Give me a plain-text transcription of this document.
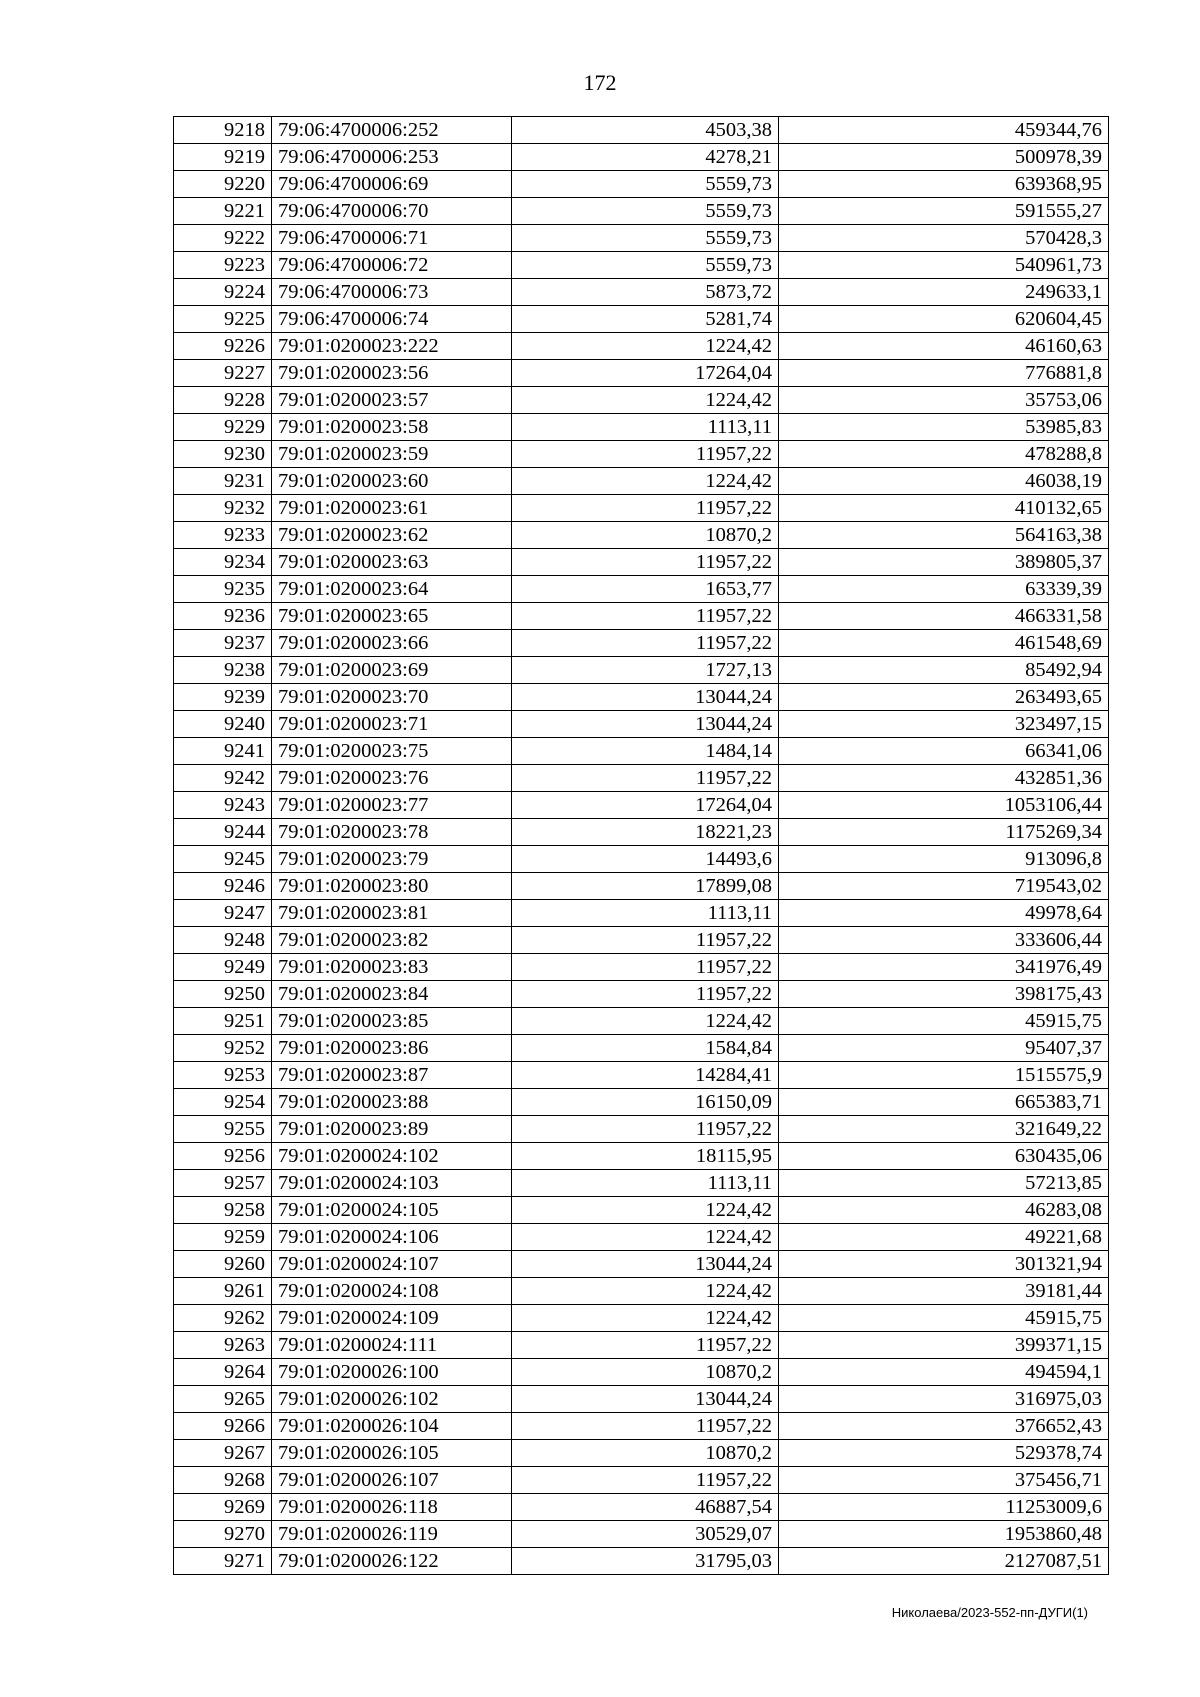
172
9218	79:06:4700006:252	4503,38	459344,76
9219	79:06:4700006:253	4278,21	500978,39
9220	79:06:4700006:69	5559,73	639368,95
9221	79:06:4700006:70	5559,73	591555,27
9222	79:06:4700006:71	5559,73	570428,3
9223	79:06:4700006:72	5559,73	540961,73
9224	79:06:4700006:73	5873,72	249633,1
9225	79:06:4700006:74	5281,74	620604,45
9226	79:01:0200023:222	1224,42	46160,63
9227	79:01:0200023:56	17264,04	776881,8
9228	79:01:0200023:57	1224,42	35753,06
9229	79:01:0200023:58	1113,11	53985,83
9230	79:01:0200023:59	11957,22	478288,8
9231	79:01:0200023:60	1224,42	46038,19
9232	79:01:0200023:61	11957,22	410132,65
9233	79:01:0200023:62	10870,2	564163,38
9234	79:01:0200023:63	11957,22	389805,37
9235	79:01:0200023:64	1653,77	63339,39
9236	79:01:0200023:65	11957,22	466331,58
9237	79:01:0200023:66	11957,22	461548,69
9238	79:01:0200023:69	1727,13	85492,94
9239	79:01:0200023:70	13044,24	263493,65
9240	79:01:0200023:71	13044,24	323497,15
9241	79:01:0200023:75	1484,14	66341,06
9242	79:01:0200023:76	11957,22	432851,36
9243	79:01:0200023:77	17264,04	1053106,44
9244	79:01:0200023:78	18221,23	1175269,34
9245	79:01:0200023:79	14493,6	913096,8
9246	79:01:0200023:80	17899,08	719543,02
9247	79:01:0200023:81	1113,11	49978,64
9248	79:01:0200023:82	11957,22	333606,44
9249	79:01:0200023:83	11957,22	341976,49
9250	79:01:0200023:84	11957,22	398175,43
9251	79:01:0200023:85	1224,42	45915,75
9252	79:01:0200023:86	1584,84	95407,37
9253	79:01:0200023:87	14284,41	1515575,9
9254	79:01:0200023:88	16150,09	665383,71
9255	79:01:0200023:89	11957,22	321649,22
9256	79:01:0200024:102	18115,95	630435,06
9257	79:01:0200024:103	1113,11	57213,85
9258	79:01:0200024:105	1224,42	46283,08
9259	79:01:0200024:106	1224,42	49221,68
9260	79:01:0200024:107	13044,24	301321,94
9261	79:01:0200024:108	1224,42	39181,44
9262	79:01:0200024:109	1224,42	45915,75
9263	79:01:0200024:111	11957,22	399371,15
9264	79:01:0200026:100	10870,2	494594,1
9265	79:01:0200026:102	13044,24	316975,03
9266	79:01:0200026:104	11957,22	376652,43
9267	79:01:0200026:105	10870,2	529378,74
9268	79:01:0200026:107	11957,22	375456,71
9269	79:01:0200026:118	46887,54	11253009,6
9270	79:01:0200026:119	30529,07	1953860,48
9271	79:01:0200026:122	31795,03	2127087,51
Николаева/2023-552-пп-ДУГИ(1)
